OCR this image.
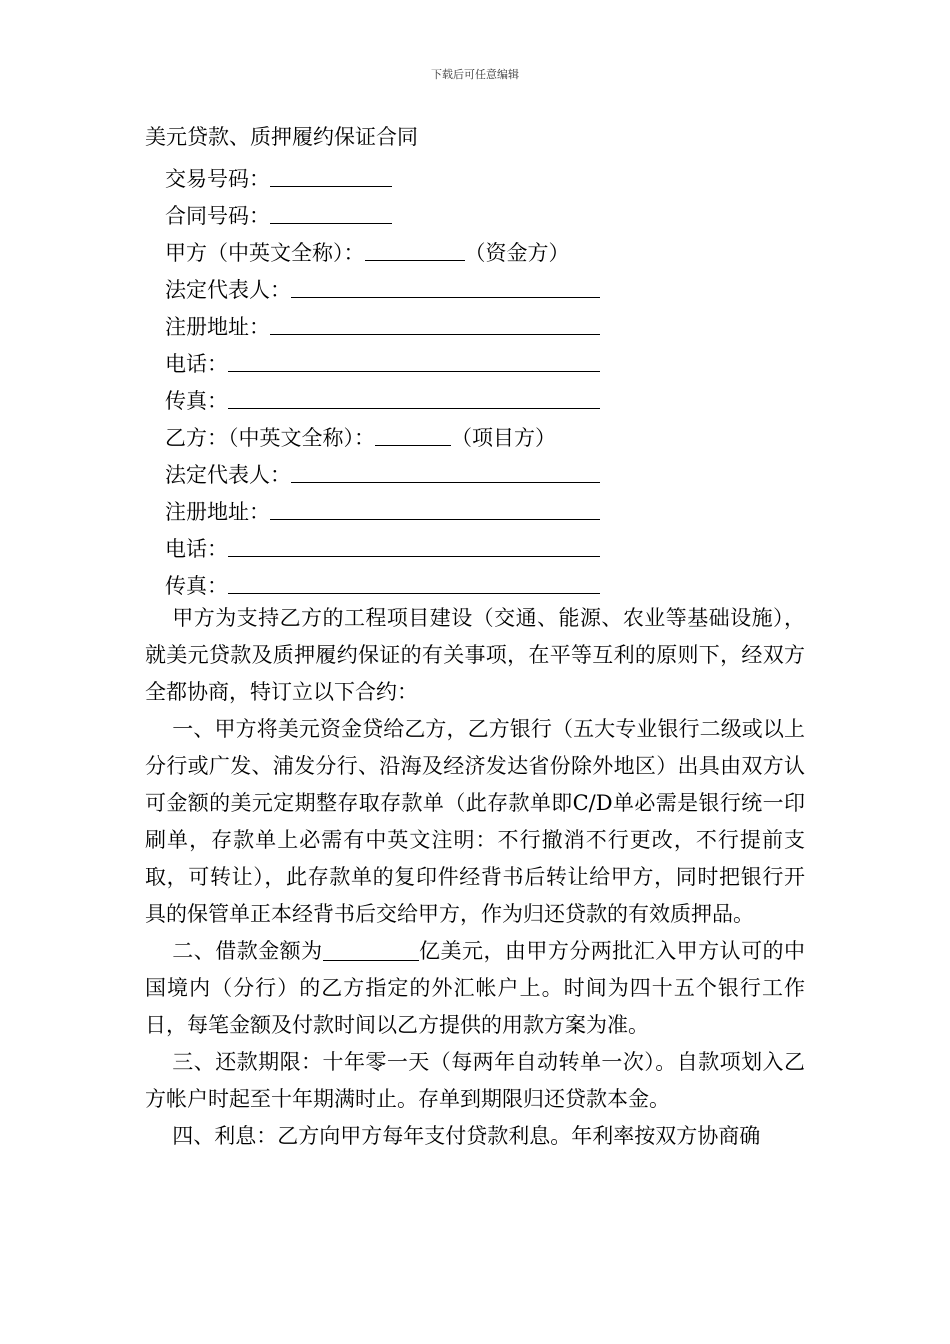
下载后可任意编辑
美元贷款、质押履约保证合同
交易号码：
合同号码：
甲方（中英文全称）：	（资金方）
法定代表人：
注册地址：
电话：
传真：
乙方：（中英文全称）：	（项目方）
法定代表人：
注册地址：
电话：
传真：

甲方为支持乙方的工程项目建设（交通、能源、农业等基础设施），就美元贷款及质押履约保证的有关事项，在平等互利的原则下，经双方全都协商，特订立以下合约：

一、甲方将美元资金贷给乙方，乙方银行（五大专业银行二级或以上分行或广发、浦发分行、沿海及经济发达省份除外地区）出具由双方认可金额的美元定期整存取存款单（此存款单即C/D单必需是银行统一印刷单，存款单上必需有中英文注明：不行撤消不行更改，不行提前支取，可转让），此存款单的复印件经背书后转让给甲方，同时把银行开具的保管单正本经背书后交给甲方，作为归还贷款的有效质押品。

二、借款金额为	亿美元，由甲方分两批汇入甲方认可的中国境内（分行）的乙方指定的外汇帐户上。时间为四十五个银行工作日，每笔金额及付款时间以乙方提供的用款方案为准。

三、还款期限：十年零一天（每两年自动转单一次）。自款项划入乙方帐户时起至十年期满时止。存单到期限归还贷款本金。

四、利息：乙方向甲方每年支付贷款利息。年利率按双方协商确
